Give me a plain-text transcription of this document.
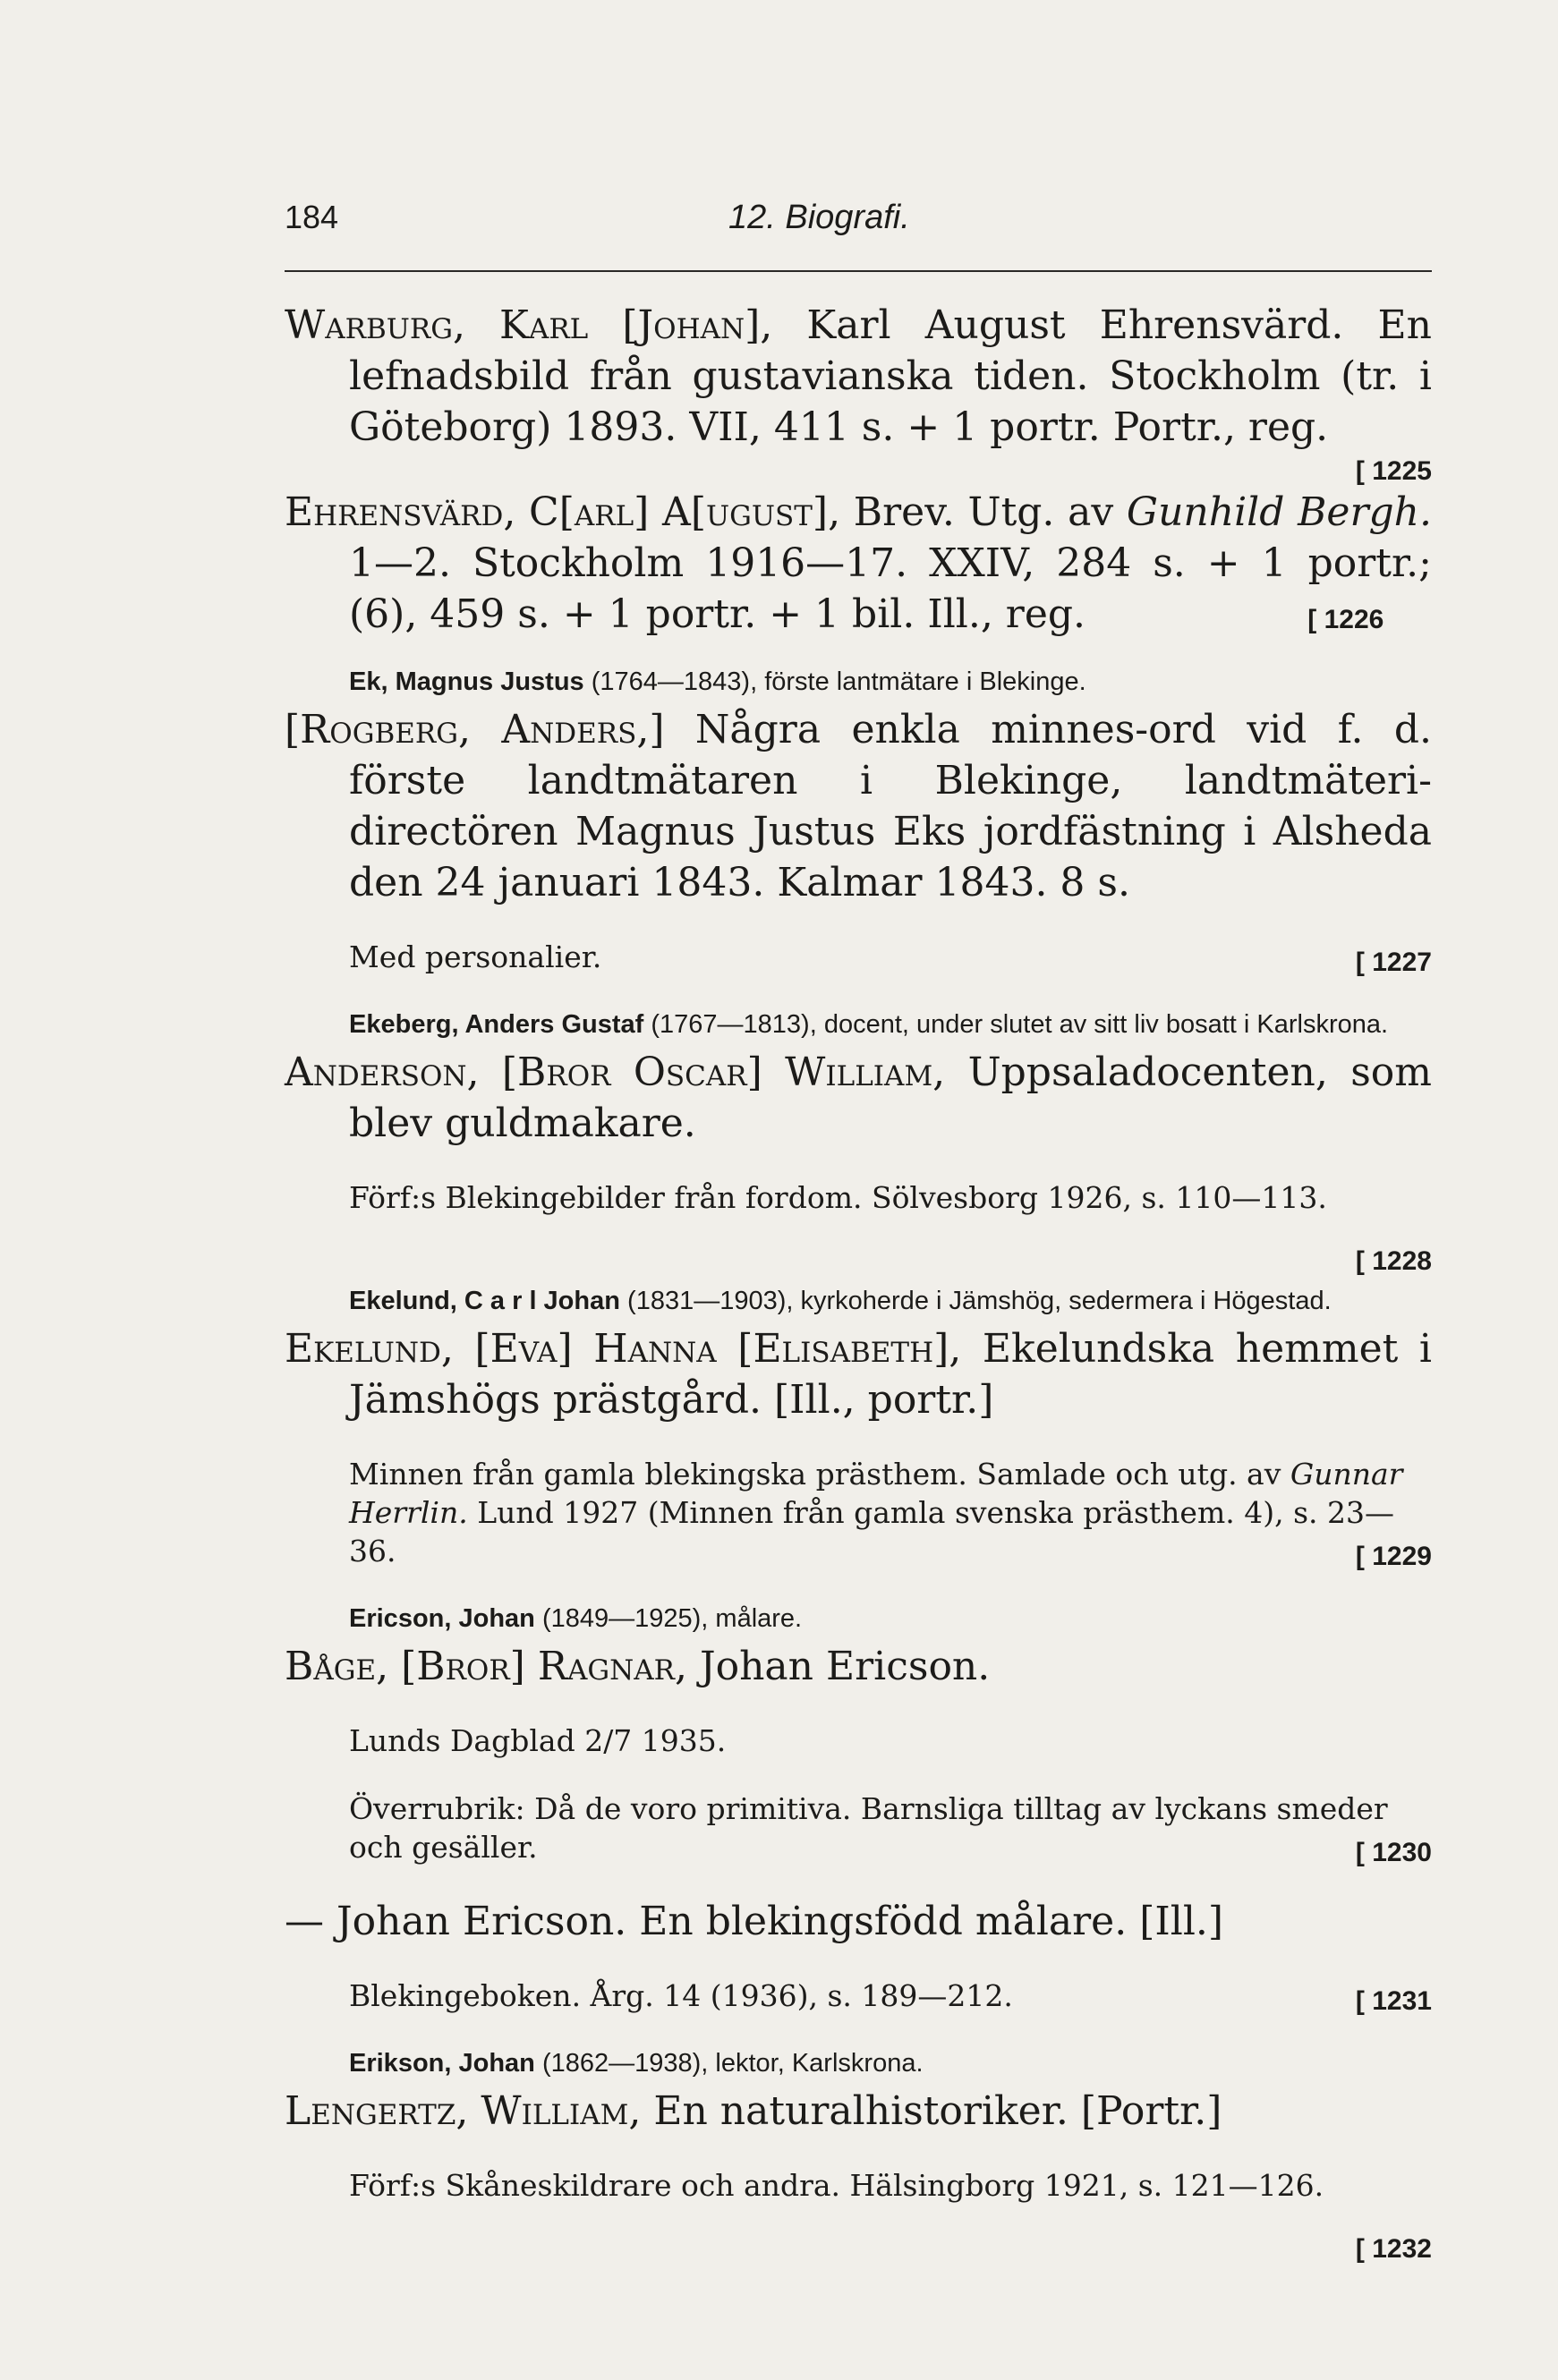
184	12. Biografi.

Warburg, Karl [Johan], Karl August Ehrensvärd. En lefnadsbild från gustavianska tiden. Stockholm (tr. i Göteborg) 1893. VII, 411 s. + 1 portr. Portr., reg.

[ 1225

Ehrensvärd, C[arl] A[ugust], Brev. Utg. av Gunhild Bergh. 1—2. Stockholm 1916—17. XXIV, 284 s. + 1 portr.; (6), 459 s. + 1 portr. + 1 bil. Ill., reg.	[ 1226

Ek, Magnus Justus (1764—1843), förste lantmätare i Blekinge.

[Rogberg, Anders,] Några enkla minnes-ord vid f. d. förste landtmätaren i Blekinge, landtmäteri-directören Magnus Justus Eks jordfästning i Alsheda den 24 januari 1843. Kalmar 1843. 8 s.

Med personalier.	[ 1227

Ekeberg, Anders Gustaf (1767—1813), docent, under slutet av sitt liv bosatt i Karlskrona.

Anderson, [Bror Oscar] William, Uppsaladocenten, som blev guldmakare.

Förf:s Blekingebilder från fordom. Sölvesborg 1926, s. 110—113.

[ 1228

Ekelund, C a r l Johan (1831—1903), kyrkoherde i Jämshög, sedermera i Högestad.

Ekelund, [Eva] Hanna [Elisabeth], Ekelundska hemmet i Jämshögs prästgård. [Ill., portr.]

Minnen från gamla blekingska prästhem. Samlade och utg. av Gunnar Herrlin. Lund 1927 (Minnen från gamla svenska prästhem. 4), s. 23—36.	[ 1229

Ericson, Johan (1849—1925), målare.

Båge, [Bror] Ragnar, Johan Ericson.

Lunds Dagblad 2/7 1935.

Överrubrik: Då de voro primitiva. Barnsliga tilltag av lyckans smeder och gesäller.	[ 1230

— Johan Ericson. En blekingsfödd målare. [Ill.]

Blekingeboken. Årg. 14 (1936), s. 189—212.	[ 1231

Erikson, Johan (1862—1938), lektor, Karlskrona.

Lengertz, William, En naturalhistoriker. [Portr.]

Förf:s Skåneskildrare och andra. Hälsingborg 1921, s. 121—126.

[ 1232
